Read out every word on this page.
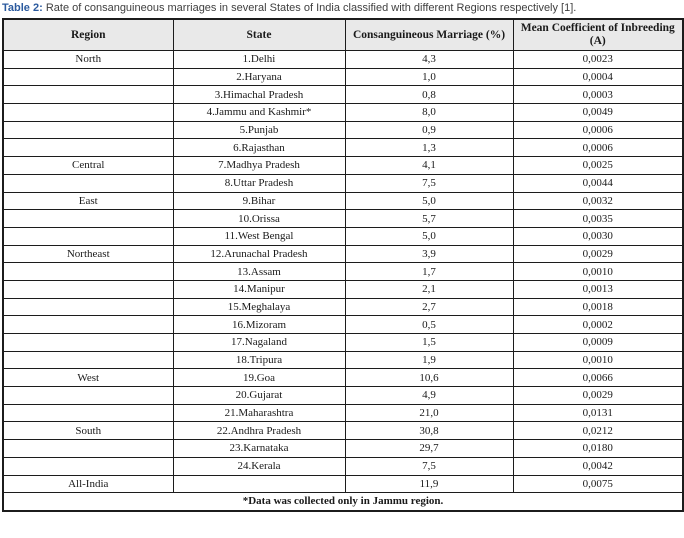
Table 2: Rate of consanguineous marriages in several States of India classified with different Regions respectively [1].
Region	State	Consanguineous Marriage (%)	Mean Coefficient of Inbreeding (A)
North	1.Delhi	4,3	0,0023
	2.Haryana	1,0	0,0004
	3.Himachal Pradesh	0,8	0,0003
	4.Jammu and Kashmir*	8,0	0,0049
	5.Punjab	0,9	0,0006
	6.Rajasthan	1,3	0,0006
Central	7.Madhya Pradesh	4,1	0,0025
	8.Uttar Pradesh	7,5	0,0044
East	9.Bihar	5,0	0,0032
	10.Orissa	5,7	0,0035
	11.West Bengal	5,0	0,0030
Northeast	12.Arunachal Pradesh	3,9	0,0029
	13.Assam	1,7	0,0010
	14.Manipur	2,1	0,0013
	15.Meghalaya	2,7	0,0018
	16.Mizoram	0,5	0,0002
	17.Nagaland	1,5	0,0009
	18.Tripura	1,9	0,0010
West	19.Goa	10,6	0,0066
	20.Gujarat	4,9	0,0029
	21.Maharashtra	21,0	0,0131
South	22.Andhra Pradesh	30,8	0,0212
	23.Karnataka	29,7	0,0180
	24.Kerala	7,5	0,0042
All-India		11,9	0,0075
*Data was collected only in Jammu region.			
